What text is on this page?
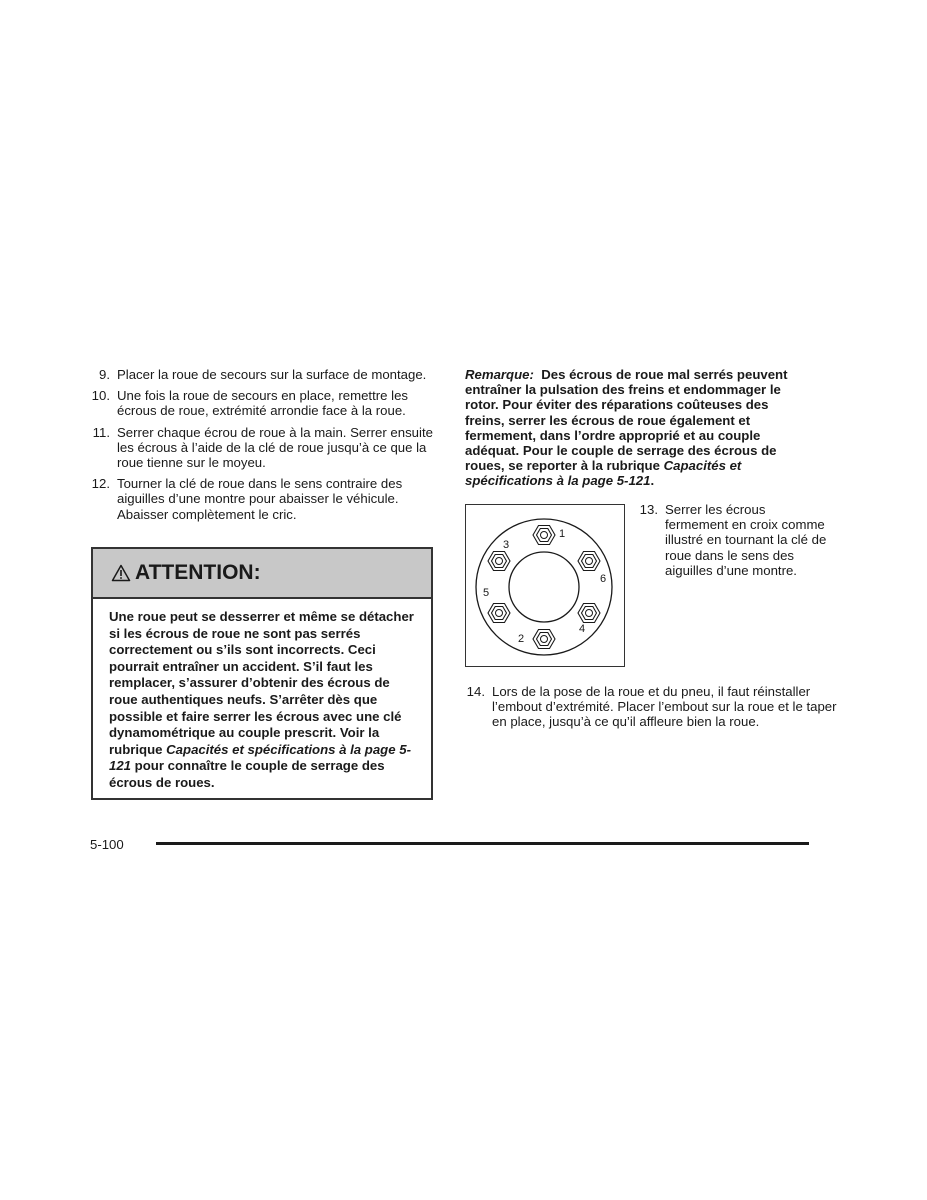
9. Placer la roue de secours sur la surface de montage.
10. Une fois la roue de secours en place, remettre les écrous de roue, extrémité arrondie face à la roue.
11. Serrer chaque écrou de roue à la main. Serrer ensuite les écrous à l’aide de la clé de roue jusqu’à ce que la roue tienne sur le moyeu.
12. Tourner la clé de roue dans le sens contraire des aiguilles d’une montre pour abaisser le véhicule. Abaisser complètement le cric.
ATTENTION:
Une roue peut se desserrer et même se détacher si les écrous de roue ne sont pas serrés correctement ou s’ils sont incorrects. Ceci pourrait entraîner un accident. S’il faut les remplacer, s’assurer d’obtenir des écrous de roue authentiques neufs. S’arrêter dès que possible et faire serrer les écrous avec une clé dynamométrique au couple prescrit. Voir la rubrique Capacités et spécifications à la page 5-121 pour connaître le couple de serrage des écrous de roues.
Remarque: Des écrous de roue mal serrés peuvent entraîner la pulsation des freins et endommager le rotor. Pour éviter des réparations coûteuses des freins, serrer les écrous de roue également et fermement, dans l’ordre approprié et au couple adéquat. Pour le couple de serrage des écrous de roues, se reporter à la rubrique Capacités et spécifications à la page 5-121.
1
2
3
4
5
6
13. Serrer les écrous fermement en croix comme illustré en tournant la clé de roue dans le sens des aiguilles d’une montre.
14. Lors de la pose de la roue et du pneu, il faut réinstaller l’embout d’extrémité. Placer l’embout sur la roue et le taper en place, jusqu’à ce qu’il affleure bien la roue.
5-100
